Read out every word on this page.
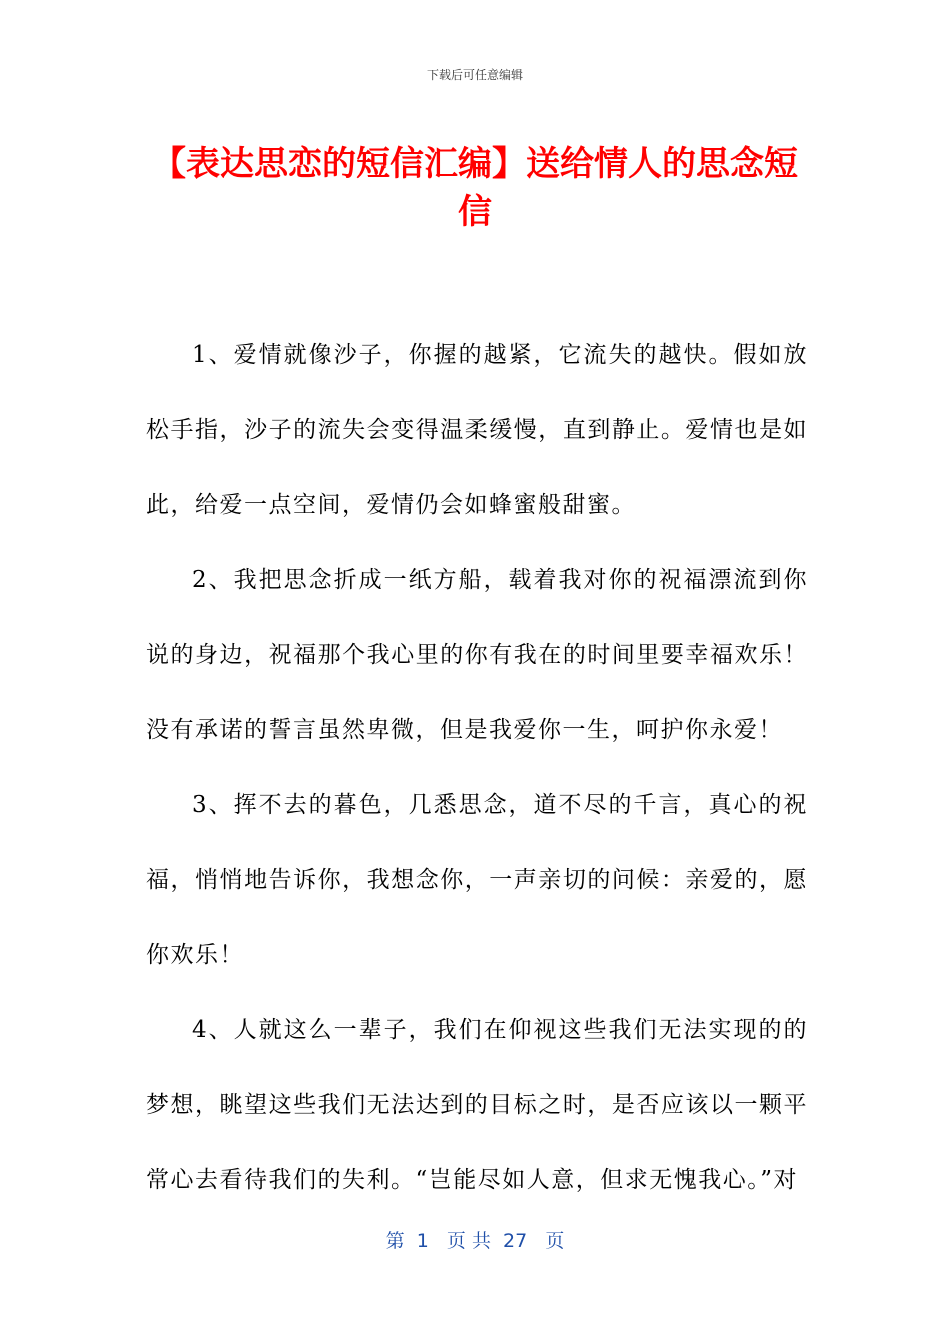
下载后可任意编辑
【表达思恋的短信汇编】送给情人的思念短信

1、爱情就像沙子，你握的越紧，它流失的越快。假如放松手指，沙子的流失会变得温柔缓慢，直到静止。爱情也是如此，给爱一点空间，爱情仍会如蜂蜜般甜蜜。

2、我把思念折成一纸方船，载着我对你的祝福漂流到你说的身边，祝福那个我心里的你有我在的时间里要幸福欢乐！没有承诺的誓言虽然卑微，但是我爱你一生，呵护你永爱！

3、挥不去的暮色，几悉思念，道不尽的千言，真心的祝福，悄悄地告诉你，我想念你，一声亲切的问候：亲爱的，愿你欢乐！

4、人就这么一辈子，我们在仰视这些我们无法实现的的梦想，眺望这些我们无法达到的目标之时，是否应该以一颗平常心去看待我们的失利。“岂能尽如人意，但求无愧我心。”对

第  1   页 共  27   页
